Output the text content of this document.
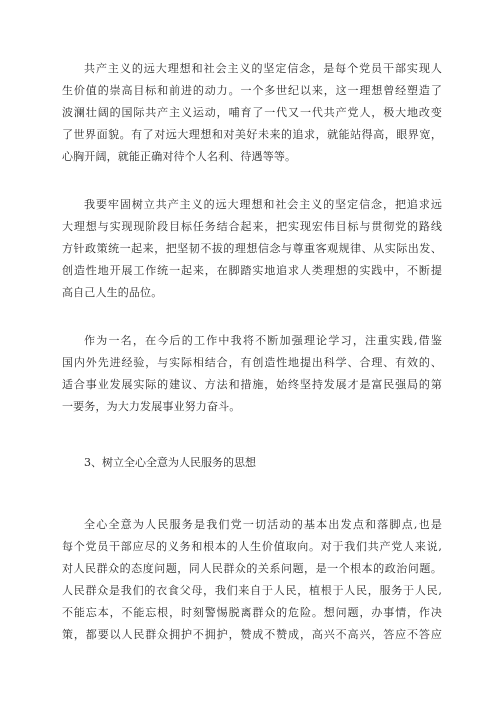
共产主义的远大理想和社会主义的坚定信念，是每个党员干部实现人
生价值的崇高目标和前进的动力。一个多世纪以来，这一理想曾经塑造了
波澜壮阔的国际共产主义运动，哺育了一代又一代共产党人，极大地改变
了世界面貌。有了对远大理想和对美好未来的追求，就能站得高，眼界宽，
心胸开阔，就能正确对待个人名利、待遇等等。
我要牢固树立共产主义的远大理想和社会主义的坚定信念，把追求远
大理想与实现现阶段目标任务结合起来，把实现宏伟目标与贯彻党的路线
方针政策统一起来，把坚韧不拔的理想信念与尊重客观规律、从实际出发、
创造性地开展工作统一起来，在脚踏实地追求人类理想的实践中，不断提
高自己人生的品位。
作为一名，在今后的工作中我将不断加强理论学习，注重实践,借鉴
国内外先进经验，与实际相结合，有创造性地提出科学、合理、有效的、
适合事业发展实际的建议、方法和措施，始终坚持发展才是富民强局的第
一要务，为大力发展事业努力奋斗。
3、树立全心全意为人民服务的思想
全心全意为人民服务是我们党一切活动的基本出发点和落脚点,也是
每个党员干部应尽的义务和根本的人生价值取向。对于我们共产党人来说,
对人民群众的态度问题，同人民群众的关系问题，是一个根本的政治问题。
人民群众是我们的衣食父母，我们来自于人民，植根于人民，服务于人民,
不能忘本，不能忘根，时刻警惕脱离群众的危险。想问题，办事情，作决
策，都要以人民群众拥护不拥护，赞成不赞成，高兴不高兴，答应不答应
